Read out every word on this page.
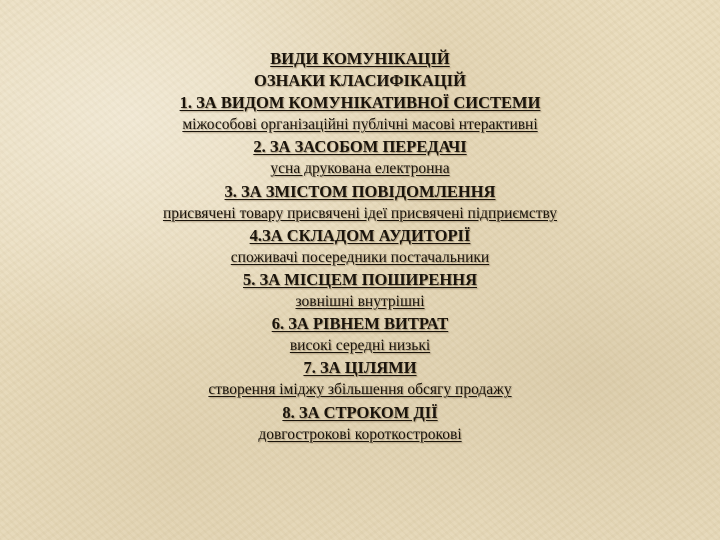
ВИДИ КОМУНІКАЦІЙ
ОЗНАКИ КЛАСИФІКАЦІЙ
1. ЗА ВИДОМ КОМУНІКАТИВНОЇ СИСТЕМИ
міжособові організаційні публічні масові нтерактивні
2. ЗА ЗАСОБОМ ПЕРЕДАЧІ
усна друкована електронна
3. ЗА ЗМІСТОМ ПОВІДОМЛЕННЯ
присвячені товару присвячені ідеї присвячені підприємству
4.ЗА СКЛАДОМ АУДИТОРІЇ
споживачі посередники постачальники
5. ЗА МІСЦЕМ ПОШИРЕННЯ
зовнішні внутрішні
6. ЗА РІВНЕМ ВИТРАТ
високі середні низькі
7. ЗА ЦІЛЯМИ
створення іміджу збільшення обсягу продажу
8. ЗА СТРОКОМ ДІЇ
довгострокові короткострокові
